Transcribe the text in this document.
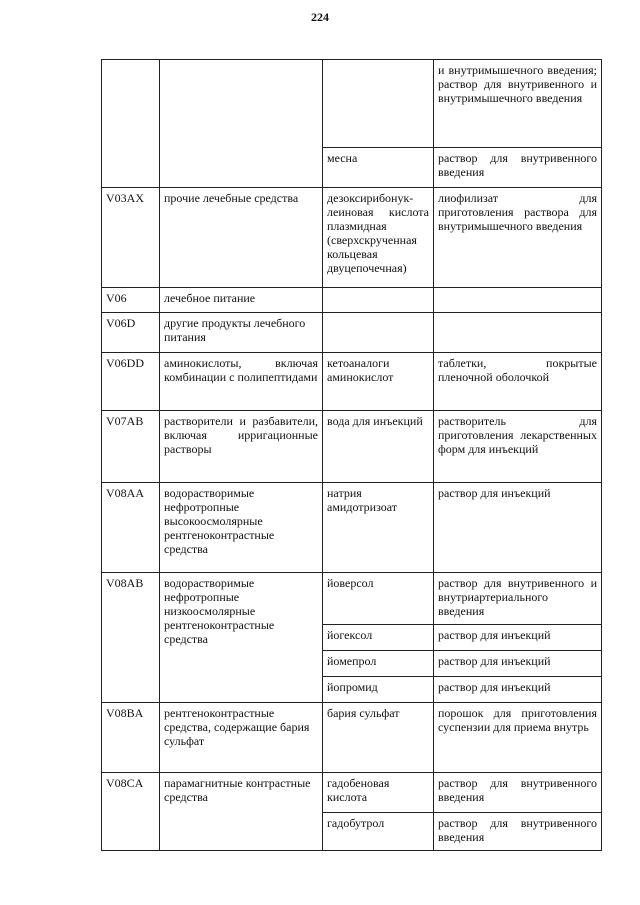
224
			и внутримышечного введения; раствор для внутривенного и внутримышечного введения
		месна	раствор для внутривенного введения
V03AX	прочие лечебные средства	дезоксирибонук-леиновая кислота плазмидная (сверхскрученная кольцевая двуцепочечная)	лиофилизат для приготовления раствора для внутримышечного введения
V06	лечебное питание		
V06D	другие продукты лечебного питания		
V06DD	аминокислоты, включая комбинации с полипептидами	кетоаналоги аминокислот	таблетки, покрытые пленочной оболочкой
V07AB	растворители и разбавители, включая ирригационные растворы	вода для инъекций	растворитель для приготовления лекарственных форм для инъекций
V08AA	водорастворимые нефротропные высокоосмолярные рентгеноконтрастные средства	натрия амидотризоат	раствор для инъекций
V08AB	водорастворимые нефротропные низкоосмолярные рентгеноконтрастные средства	йоверсол	раствор для внутривенного и внутриартериального введения
		йогексол	раствор для инъекций
		йомепрол	раствор для инъекций
		йопромид	раствор для инъекций
V08BA	рентгеноконтрастные средства, содержащие бария сульфат	бария сульфат	порошок для приготовления суспензии для приема внутрь
V08CA	парамагнитные контрастные средства	гадобеновая кислота	раствор для внутривенного введения
		гадобутрол	раствор для внутривенного введения
